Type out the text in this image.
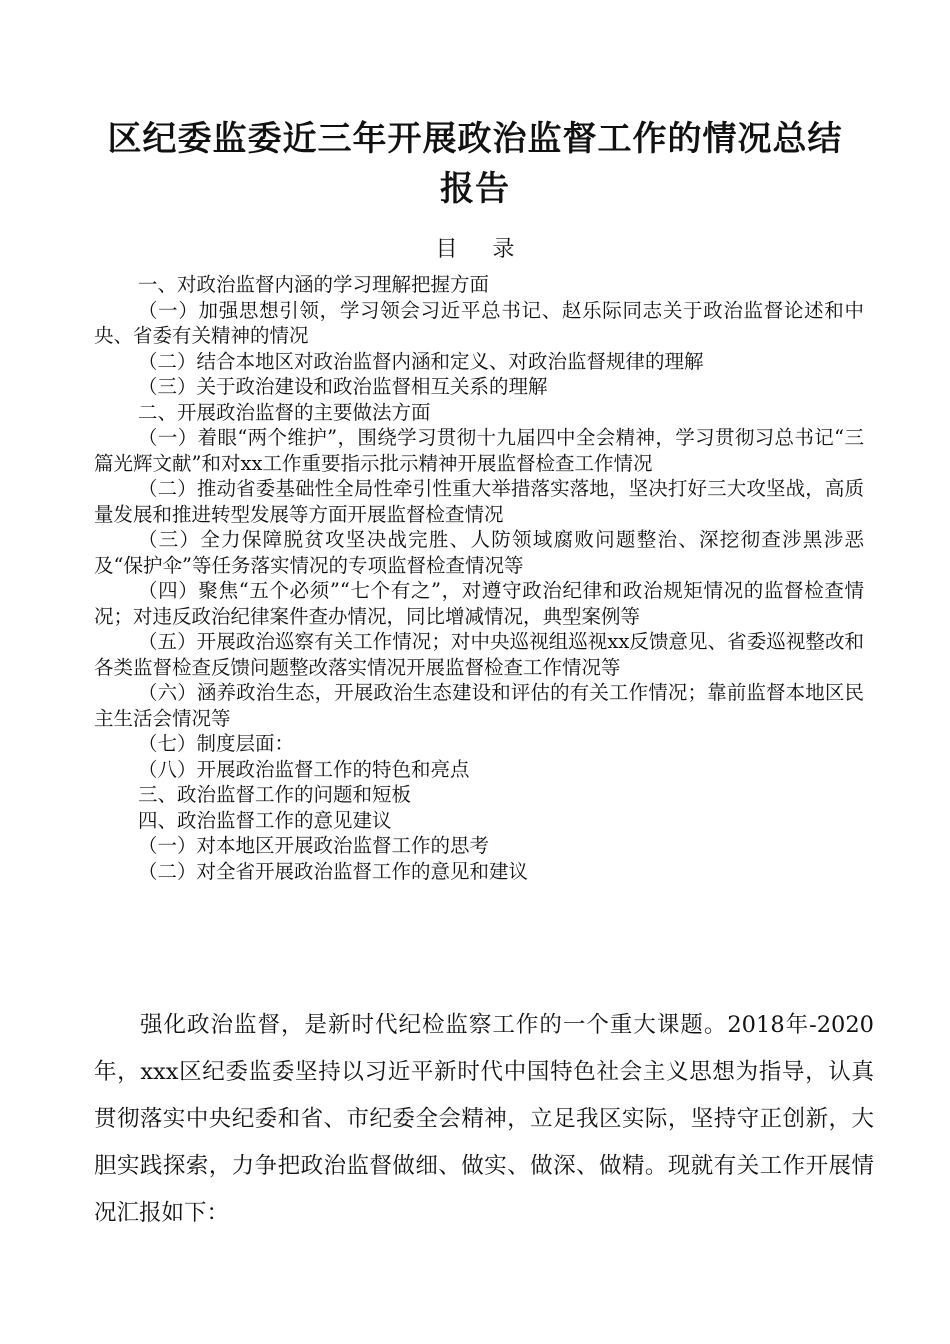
区纪委监委近三年开展政治监督工作的情况总结
报告
目 录

一、对政治监督内涵的学习理解把握方面

（一）加强思想引领，学习领会习近平总书记、赵乐际同志关于政治监督论述和中央、省委有关精神的情况

（二）结合本地区对政治监督内涵和定义、对政治监督规律的理解

（三）关于政治建设和政治监督相互关系的理解

二、开展政治监督的主要做法方面

（一）着眼“两个维护”，围绕学习贯彻十九届四中全会精神，学习贯彻习总书记“三篇光辉文献”和对xx工作重要指示批示精神开展监督检查工作情况

（二）推动省委基础性全局性牵引性重大举措落实落地，坚决打好三大攻坚战，高质量发展和推进转型发展等方面开展监督检查情况

（三）全力保障脱贫攻坚决战完胜、人防领域腐败问题整治、深挖彻查涉黑涉恶及“保护伞”等任务落实情况的专项监督检查情况等

（四）聚焦“五个必须”“七个有之”，对遵守政治纪律和政治规矩情况的监督检查情况；对违反政治纪律案件查办情况，同比增减情况，典型案例等

（五）开展政治巡察有关工作情况；对中央巡视组巡视xx反馈意见、省委巡视整改和各类监督检查反馈问题整改落实情况开展监督检查工作情况等

（六）涵养政治生态，开展政治生态建设和评估的有关工作情况；靠前监督本地区民主生活会情况等

（七）制度层面：

（八）开展政治监督工作的特色和亮点

三、政治监督工作的问题和短板

四、政治监督工作的意见建议

（一）对本地区开展政治监督工作的思考

（二）对全省开展政治监督工作的意见和建议

强化政治监督，是新时代纪检监察工作的一个重大课题。2018年-2020年，xxx区纪委监委坚持以习近平新时代中国特色社会主义思想为指导，认真贯彻落实中央纪委和省、市纪委全会精神，立足我区实际，坚持守正创新，大胆实践探索，力争把政治监督做细、做实、做深、做精。现就有关工作开展情况汇报如下：
